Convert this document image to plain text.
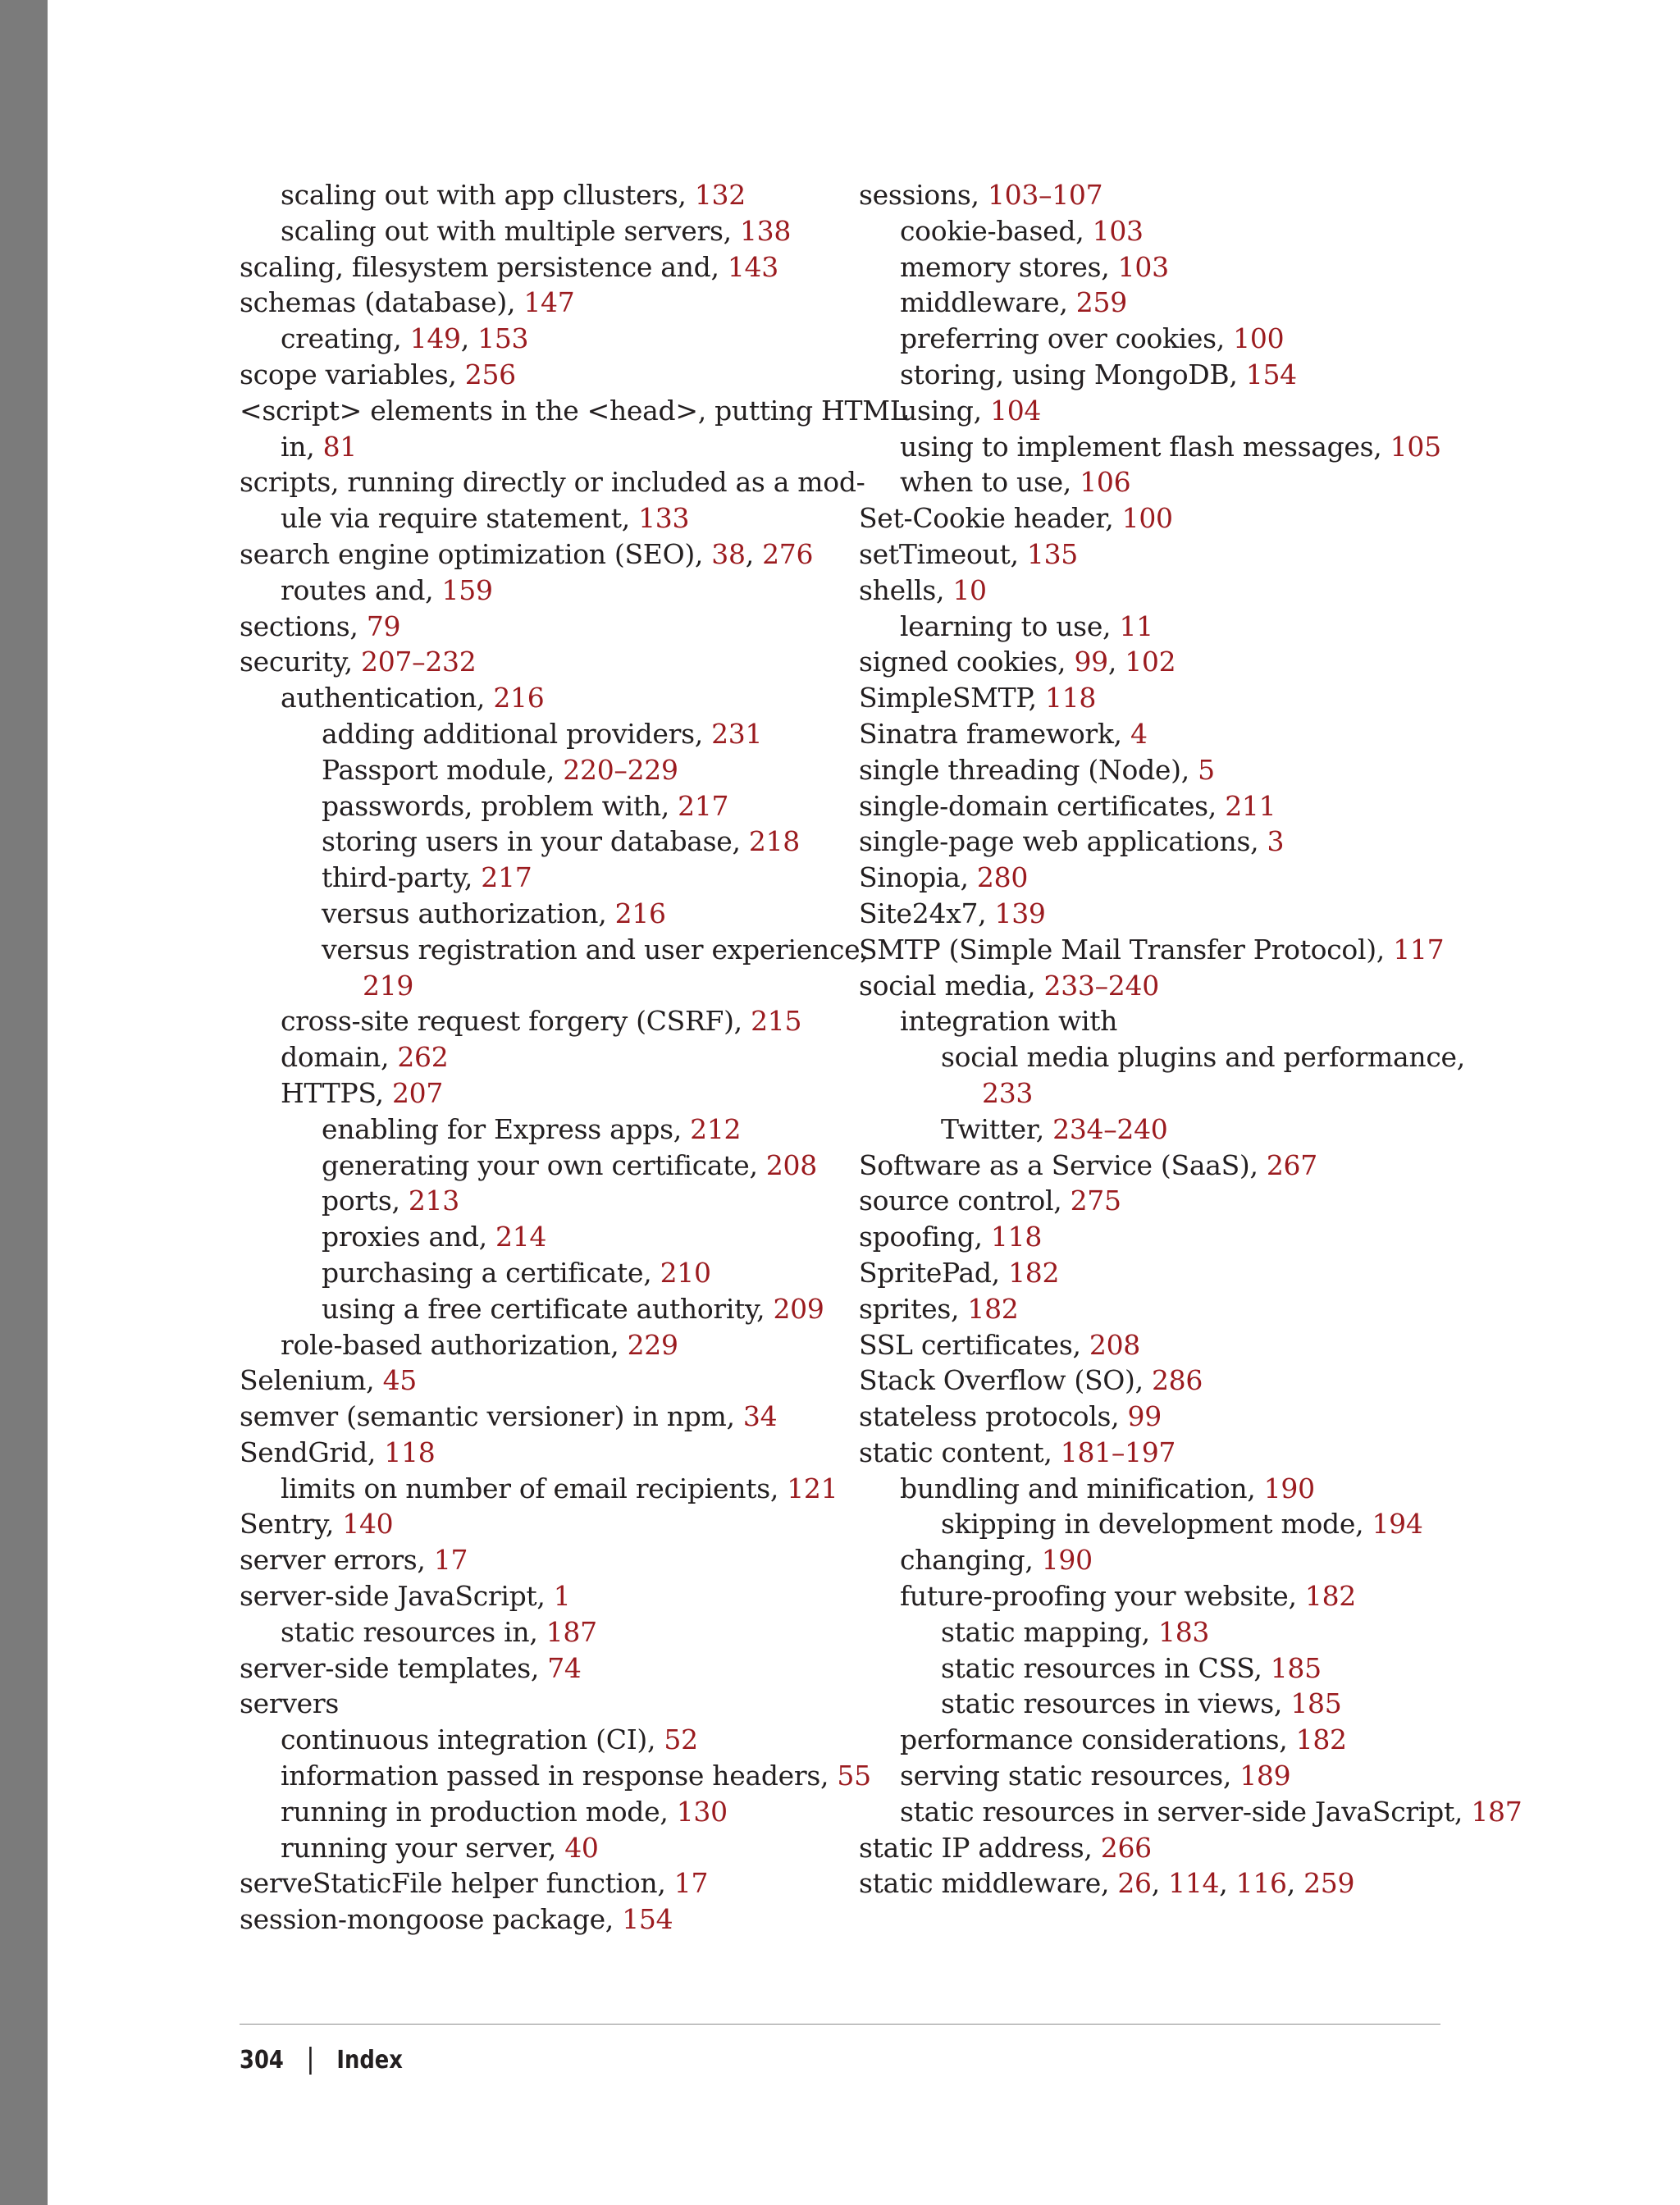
scaling out with app cllusters, 132
scaling out with multiple servers, 138
scaling, filesystem persistence and, 143
schemas (database), 147
creating, 149, 153
scope variables, 256
<script> elements in the <head>, putting HTML
in, 81
scripts, running directly or included as a mod-
ule via require statement, 133
search engine optimization (SEO), 38, 276
routes and, 159
sections, 79
security, 207–232
authentication, 216
adding additional providers, 231
Passport module, 220–229
passwords, problem with, 217
storing users in your database, 218
third-party, 217
versus authorization, 216
versus registration and user experience,
219
cross-site request forgery (CSRF), 215
domain, 262
HTTPS, 207
enabling for Express apps, 212
generating your own certificate, 208
ports, 213
proxies and, 214
purchasing a certificate, 210
using a free certificate authority, 209
role-based authorization, 229
Selenium, 45
semver (semantic versioner) in npm, 34
SendGrid, 118
limits on number of email recipients, 121
Sentry, 140
server errors, 17
server-side JavaScript, 1
static resources in, 187
server-side templates, 74
servers
continuous integration (CI), 52
information passed in response headers, 55
running in production mode, 130
running your server, 40
serveStaticFile helper function, 17
session-mongoose package, 154
sessions, 103–107
cookie-based, 103
memory stores, 103
middleware, 259
preferring over cookies, 100
storing, using MongoDB, 154
using, 104
using to implement flash messages, 105
when to use, 106
Set-Cookie header, 100
setTimeout, 135
shells, 10
learning to use, 11
signed cookies, 99, 102
SimpleSMTP, 118
Sinatra framework, 4
single threading (Node), 5
single-domain certificates, 211
single-page web applications, 3
Sinopia, 280
Site24x7, 139
SMTP (Simple Mail Transfer Protocol), 117
social media, 233–240
integration with
social media plugins and performance,
233
Twitter, 234–240
Software as a Service (SaaS), 267
source control, 275
spoofing, 118
SpritePad, 182
sprites, 182
SSL certificates, 208
Stack Overflow (SO), 286
stateless protocols, 99
static content, 181–197
bundling and minification, 190
skipping in development mode, 194
changing, 190
future-proofing your website, 182
static mapping, 183
static resources in CSS, 185
static resources in views, 185
performance considerations, 182
serving static resources, 189
static resources in server-side JavaScript, 187
static IP address, 266
static middleware, 26, 114, 116, 259
304 Index
